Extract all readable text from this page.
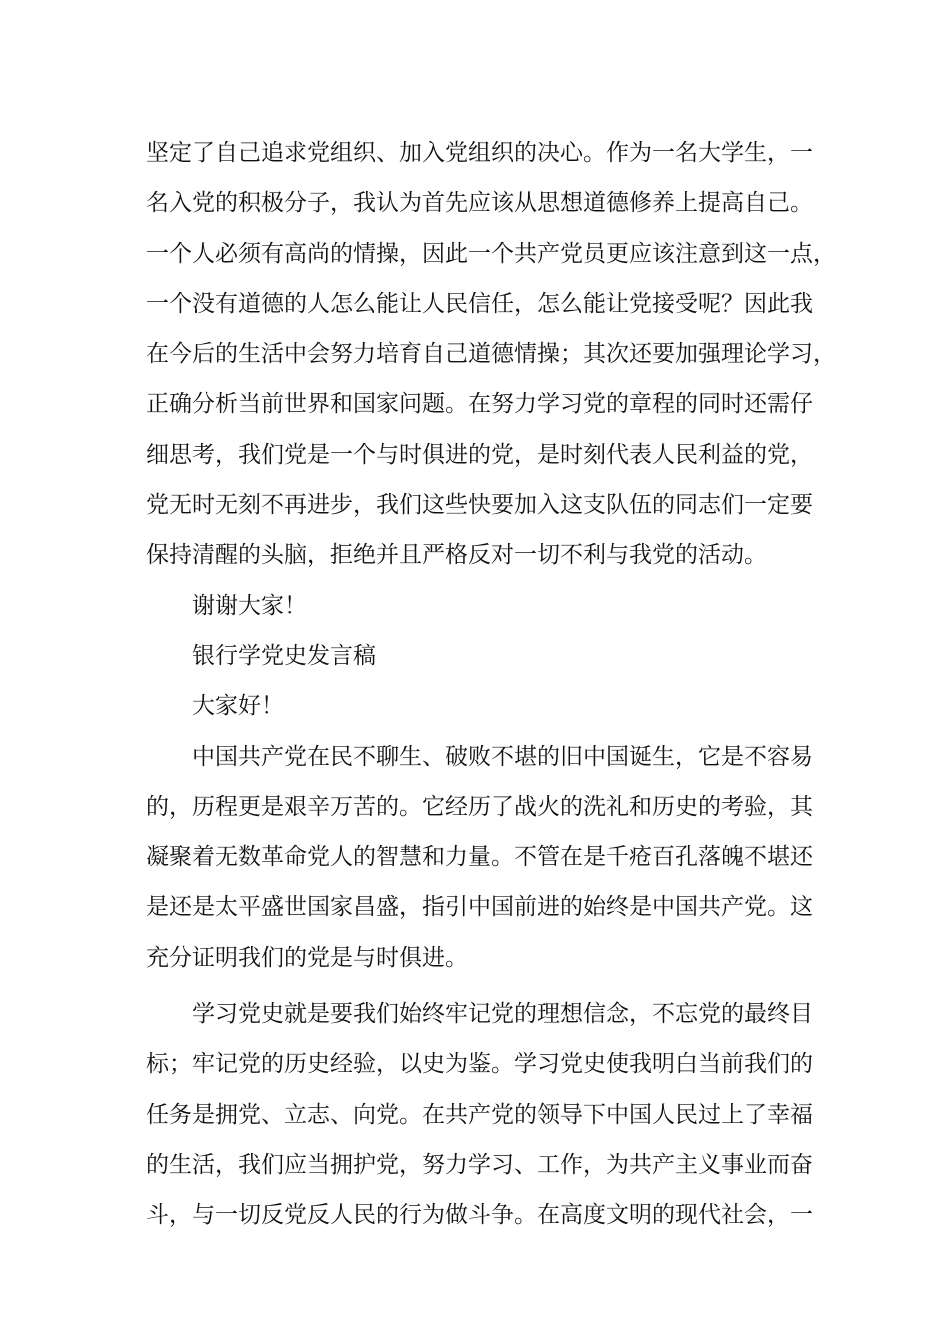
坚定了自己追求党组织、加入党组织的决心。作为一名大学生，一
名入党的积极分子，我认为首先应该从思想道德修养上提高自己。
一个人必须有高尚的情操，因此一个共产党员更应该注意到这一点，
一个没有道德的人怎么能让人民信任，怎么能让党接受呢？因此我
在今后的生活中会努力培育自己道德情操；其次还要加强理论学习，
正确分析当前世界和国家问题。在努力学习党的章程的同时还需仔
细思考，我们党是一个与时俱进的党，是时刻代表人民利益的党，
党无时无刻不再进步，我们这些快要加入这支队伍的同志们一定要
保持清醒的头脑，拒绝并且严格反对一切不利与我党的活动。
谢谢大家！
银行学党史发言稿
大家好！
中国共产党在民不聊生、破败不堪的旧中国诞生，它是不容易
的，历程更是艰辛万苦的。它经历了战火的洗礼和历史的考验，其
凝聚着无数革命党人的智慧和力量。不管在是千疮百孔落魄不堪还
是还是太平盛世国家昌盛，指引中国前进的始终是中国共产党。这
充分证明我们的党是与时俱进。
学习党史就是要我们始终牢记党的理想信念，不忘党的最终目
标；牢记党的历史经验，以史为鉴。学习党史使我明白当前我们的
任务是拥党、立志、向党。在共产党的领导下中国人民过上了幸福
的生活，我们应当拥护党，努力学习、工作，为共产主义事业而奋
斗，与一切反党反人民的行为做斗争。在高度文明的现代社会，一
